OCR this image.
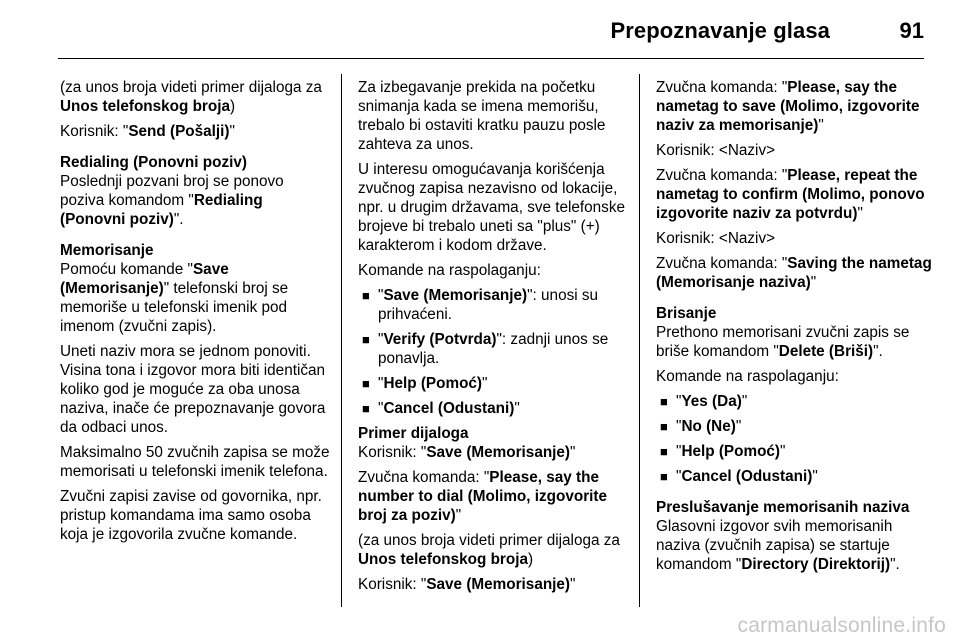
Prepoznavanje glasa	91

(za unos broja videti primer dijaloga za Unos telefonskog broja)

Korisnik: "Send (Pošalji)"

Redialing (Ponovni poziv)

Poslednji pozvani broj se ponovo poziva komandom "Redialing (Ponovni poziv)".

Memorisanje

Pomoću komande "Save (Memorisanje)" telefonski broj se memoriše u telefonski imenik pod imenom (zvučni zapis).

Uneti naziv mora se jednom ponoviti. Visina tona i izgovor mora biti identičan koliko god je moguće za oba unosa naziva, inače će prepoznavanje govora da odbaci unos.

Maksimalno 50 zvučnih zapisa se može memorisati u telefonski imenik telefona.

Zvučni zapisi zavise od govornika, npr. pristup komandama ima samo osoba koja je izgovorila zvučne komande.

Za izbegavanje prekida na početku snimanja kada se imena memorišu, trebalo bi ostaviti kratku pauzu posle zahteva za unos.

U interesu omogućavanja korišćenja zvučnog zapisa nezavisno od lokacije, npr. u drugim državama, sve telefonske brojeve bi trebalo uneti sa "plus" (+) karakterom i kodom države.

Komande na raspolaganju:

■ "Save (Memorisanje)": unosi su prihvaćeni.
■ "Verify (Potvrda)": zadnji unos se ponavlja.
■ "Help (Pomoć)"
■ "Cancel (Odustani)"
Primer dijaloga

Korisnik: "Save (Memorisanje)"

Zvučna komanda: "Please, say the number to dial (Molimo, izgovorite broj za poziv)"

(za unos broja videti primer dijaloga za Unos telefonskog broja)

Korisnik: "Save (Memorisanje)"

Zvučna komanda: "Please, say the nametag to save (Molimo, izgovorite naziv za memorisanje)"

Korisnik: <Naziv>

Zvučna komanda: "Please, repeat the nametag to confirm (Molimo, ponovo izgovorite naziv za potvrdu)"

Korisnik: <Naziv>

Zvučna komanda: "Saving the nametag (Memorisanje naziva)"

Brisanje

Prethono memorisani zvučni zapis se briše komandom "Delete (Briši)".

Komande na raspolaganju:

■ "Yes (Da)"
■ "No (Ne)"
■ "Help (Pomoć)"
■ "Cancel (Odustani)"
Preslušavanje memorisanih naziva

Glasovni izgovor svih memorisanih naziva (zvučnih zapisa) se startuje komandom "Directory (Direktorij)".

carmanualsonline.info
